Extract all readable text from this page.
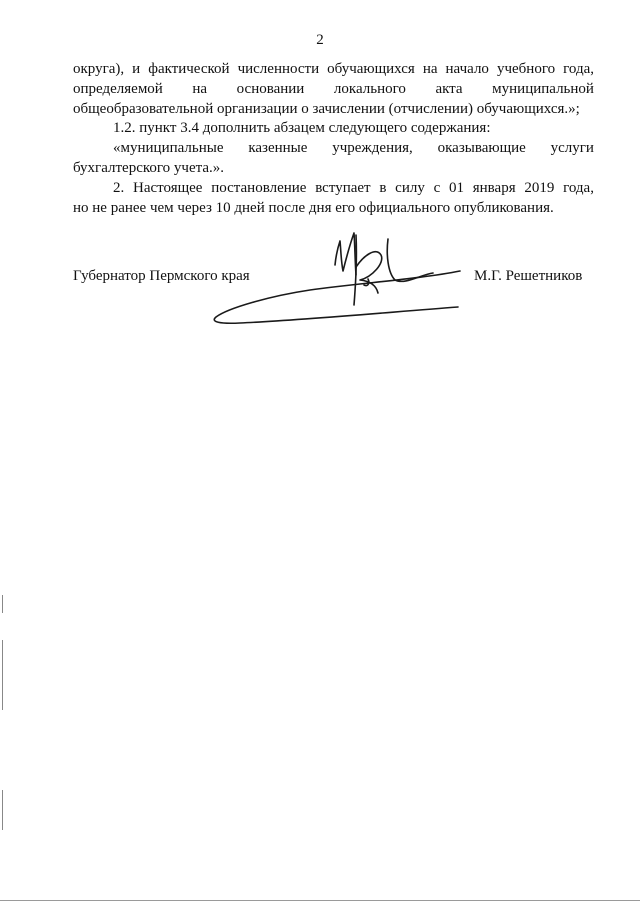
2
округа), и фактической численности обучающихся на начало учебного года,
определяемой на основании локального акта муниципальной
общеобразовательной организации о зачислении (отчислении) обучающихся.»;
1.2. пункт 3.4 дополнить абзацем следующего содержания:
«муниципальные казенные учреждения, оказывающие услуги
бухгалтерского учета.».
2. Настоящее постановление вступает в силу с 01 января 2019 года,
но не ранее чем через 10 дней после дня его официального опубликования.
Губернатор Пермского края	М.Г. Решетников
